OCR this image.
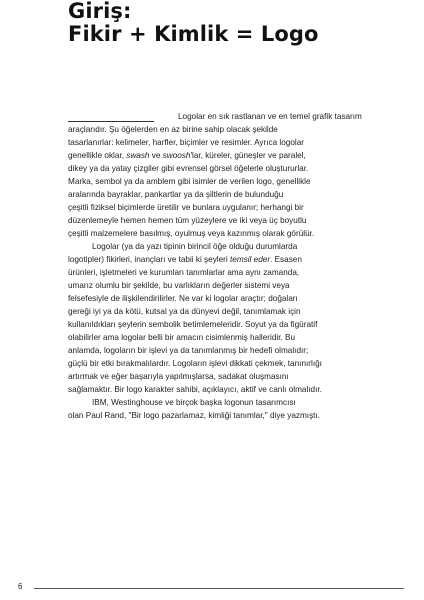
Giriş:
Fikir + Kimlik = Logo
Logolar en sık rastlanan ve en temel grafik tasarım
araçlarıdır. Şu öğelerden en az birine sahip olacak şekilde
tasarlanırlar: kelimeler, harfler, biçimler ve resimler. Ayrıca logolar
genellikle oklar, swash ve swoosh'lar, küreler, güneşler ve paralel,
dikey ya da yatay çizgiler gibi evrensel görsel öğelerle oluştururlar.
Marka, sembol ya da amblem gibi isimler de verilen logo, genellikle
aralarında bayraklar, pankartlar ya da şiltlerin de bulunduğu
çeşitli fiziksel biçimlerde üretilir ve bunlara uygulanır; herhangi bir
düzenlemeyle hemen hemen tüm yüzeylere ve iki veya üç boyutlu
çeşitli malzemelere basılmış, oyulmuş veya kazınmış olarak görülür.
Logolar (ya da yazı tipinin birincil öğe olduğu durumlarda
logotipler) fikirleri, inançları ve tabii ki şeyleri temsil eder. Esasen
ürünleri, işletmeleri ve kurumları tanımlarlar ama aynı zamanda,
umarız olumlu bir şekilde, bu varlıkların değerler sistemi veya
felsefesiyle de ilişkilendirilirler. Ne var ki logolar araçtır; doğaları
gereği iyi ya da kötü, kutsal ya da dünyevi değil, tanımlamak için
kullanıldıkları şeylerin sembolik betimlemeleridir. Soyut ya da figüratif
olabilirler ama logolar belli bir amacın cisimlenmiş halleridir. Bu
anlamda, logoların bir işlevi ya da tanımlanmış bir hedefi olmalıdır;
güçlü bir etki bırakmalılardır. Logoların işlevi dikkati çekmek, tanınırlığı
artırmak ve eğer başarıyla yapılmışlarsa, sadakat oluşmasını
sağlamaktır. Bir logo karakter sahibi, açıklayıcı, aktif ve canlı olmalıdır.
IBM, Westinghouse ve birçok başka logonun tasarımcısı
olan Paul Rand, "Bir logo pazarlamaz, kimliği tanımlar," diye yazmıştı.
6
